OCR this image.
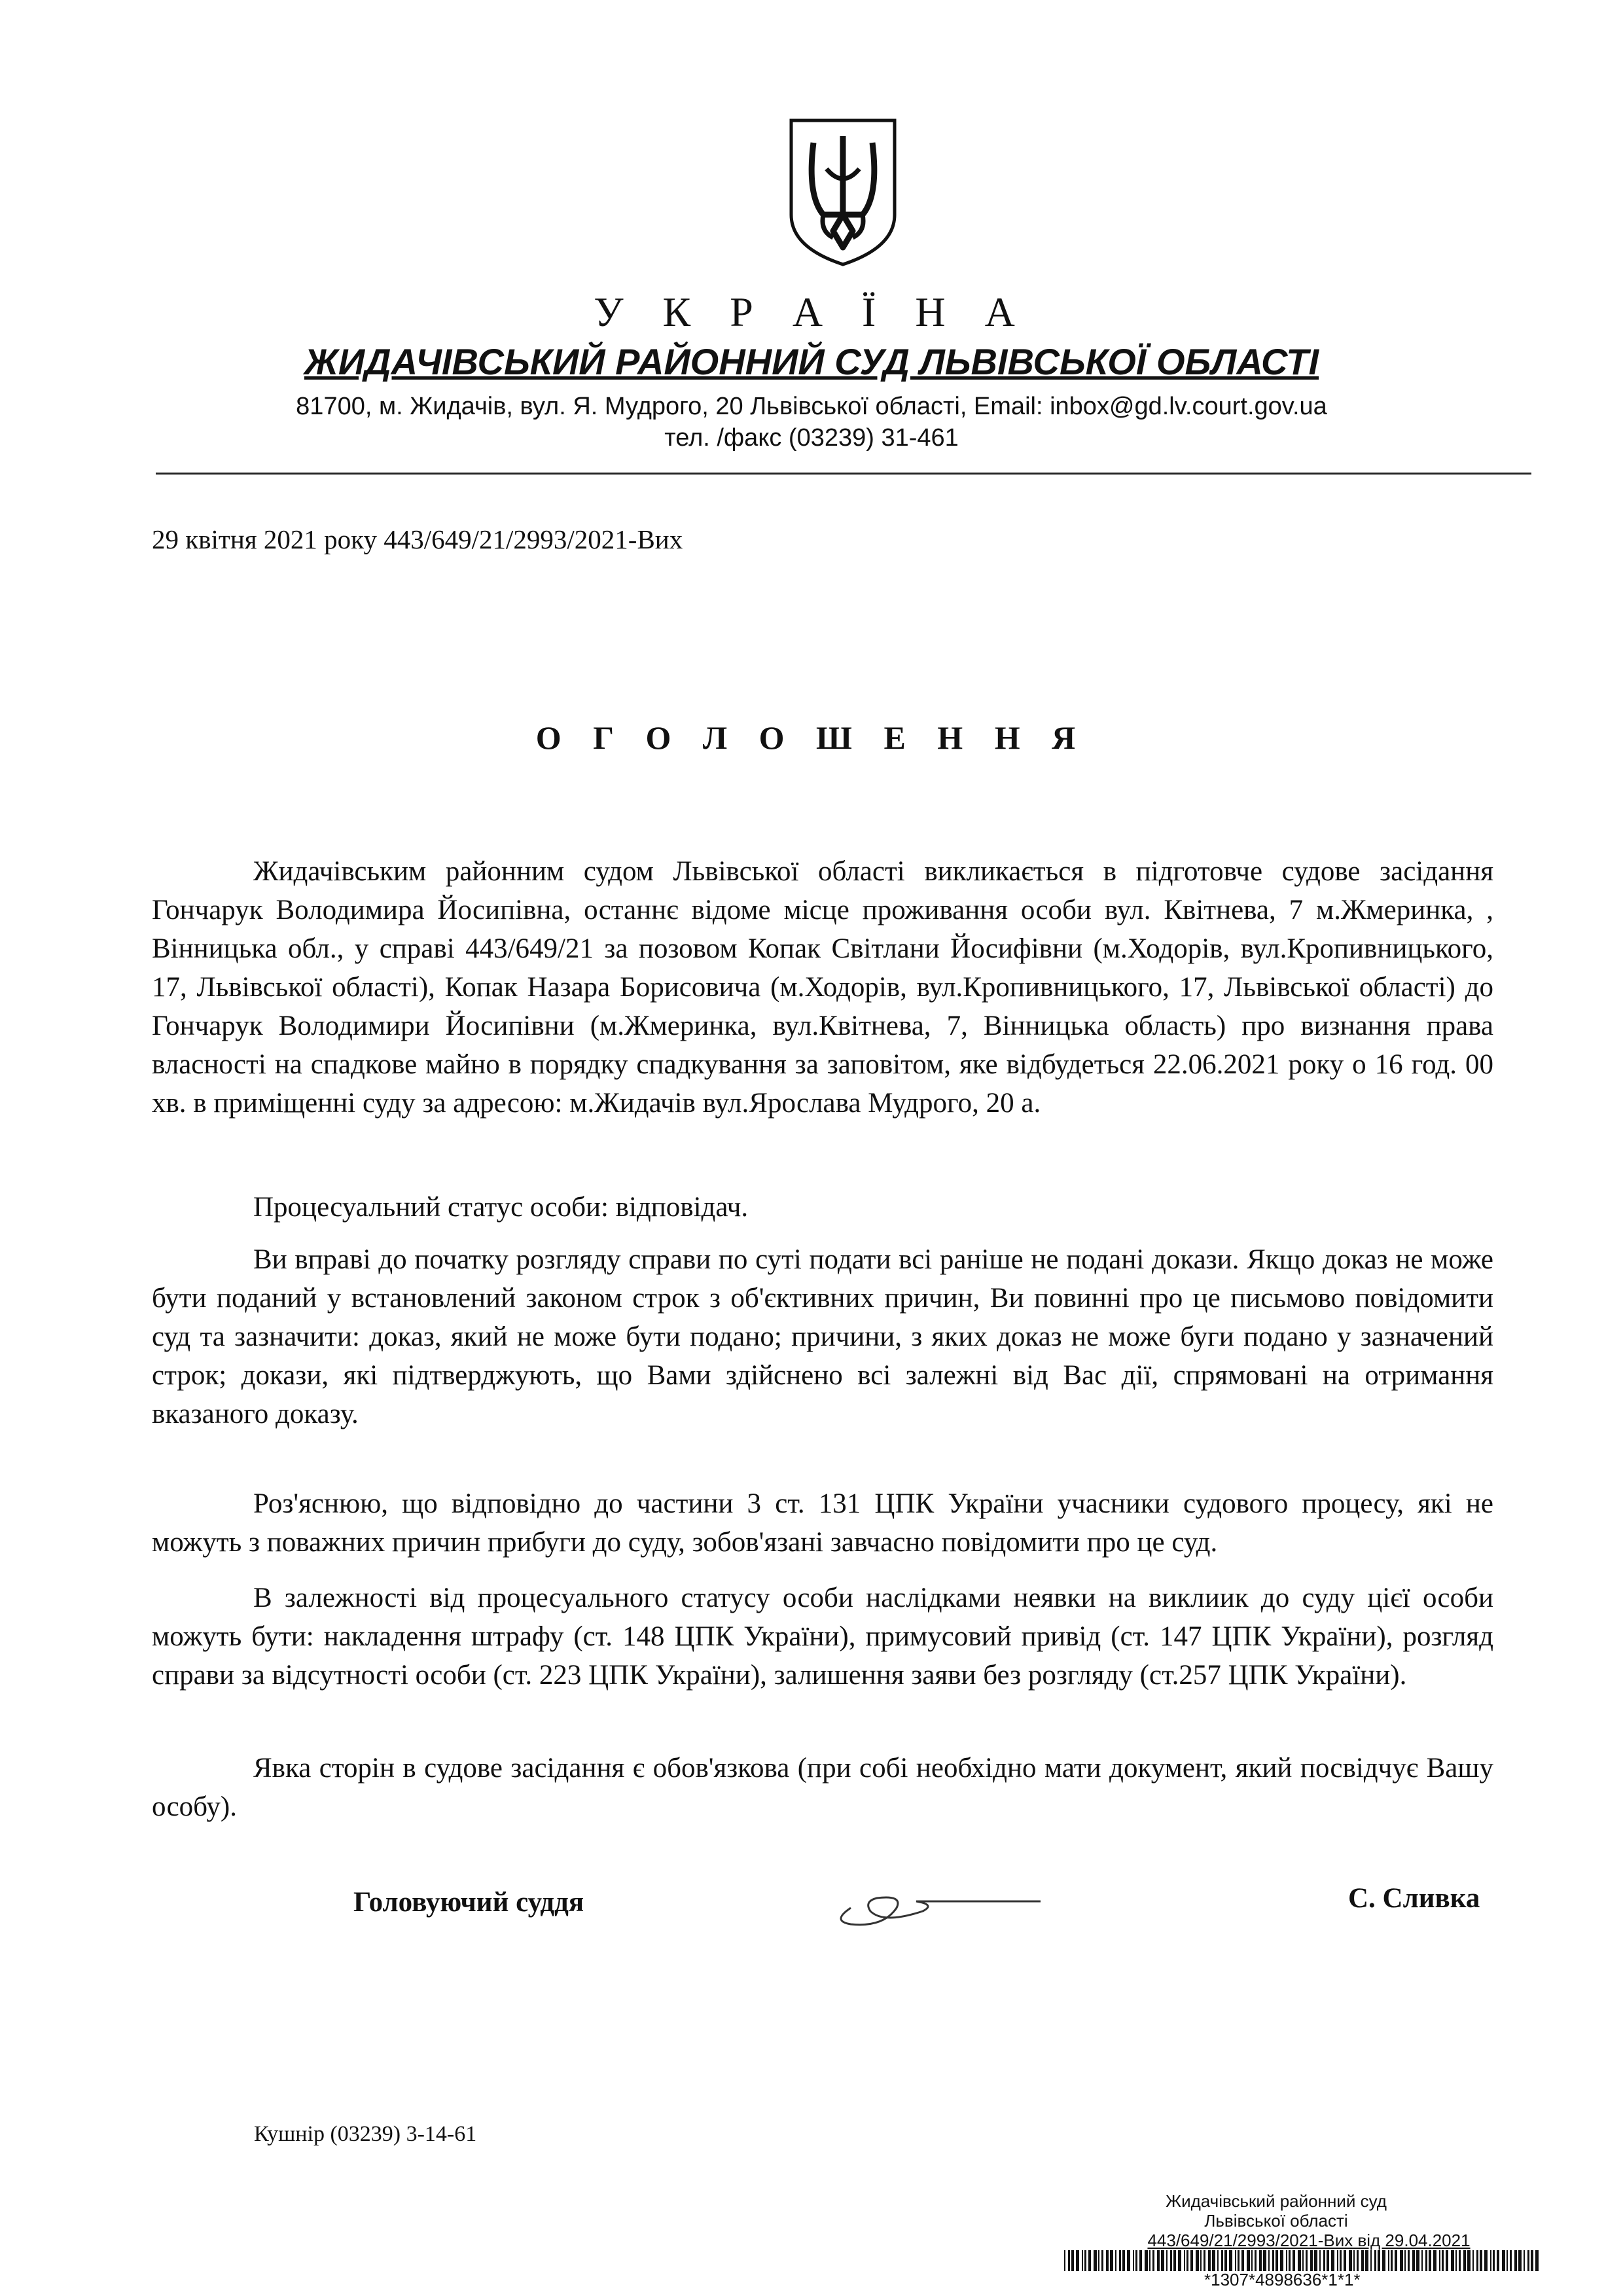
У К Р А Ї Н А
ЖИДАЧІВСЬКИЙ РАЙОННИЙ СУД ЛЬВІВСЬКОЇ ОБЛАСТІ
81700, м. Жидачів, вул. Я. Мудрого, 20 Львівської області, Email: inbox@gd.lv.court.gov.ua
тел. /факс (03239) 31-461
29 квітня 2021 року 443/649/21/2993/2021-Вих
О Г О Л О Ш Е Н Н Я

Жидачівським районним судом Львівської області викликається в підготовче судове засідання Гончарук Володимира Йосипівна, останнє відоме місце проживання особи вул. Квітнева, 7 м.Жмеринка, , Вінницька обл., у справі 443/649/21 за позовом Копак Світлани Йосифівни (м.Ходорів, вул.Кропивницького, 17, Львівської області), Копак Назара Борисовича (м.Ходорів, вул.Кропивницького, 17, Львівської області) до Гончарук Володимири Йосипівни (м.Жмеринка, вул.Квітнева, 7, Вінницька область) про визнання права власності на спадкове майно в порядку спадкування за заповітом, яке відбудеться 22.06.2021 року о 16 год. 00 хв. в приміщенні суду за адресою: м.Жидачів вул.Ярослава Мудрого, 20 а.

Процесуальний статус особи: відповідач.

Ви вправі до початку розгляду справи по суті подати всі раніше не подані докази. Якщо доказ не може бути поданий у встановлений законом строк з об'єктивних причин, Ви повинні про це письмово повідомити суд та зазначити: доказ, який не може бути подано; причини, з яких доказ не може буги подано у зазначений строк; докази, які підтверджують, що Вами здійснено всі залежні від Вас дії, спрямовані на отримання вказаного доказу.

Роз'яснюю, що відповідно до частини 3 ст. 131 ЦПК України учасники судового процесу, які не можуть з поважних причин прибуги до суду, зобов'язані завчасно повідомити про це суд.

В залежності від процесуального статусу особи наслідками неявки на виклиик до суду цієї особи можуть бути: накладення штрафу (ст. 148 ЦПК України), примусовий привід (ст. 147 ЦПК України), розгляд справи за відсутності особи (ст. 223 ЦПК України), залишення заяви без розгляду (ст.257 ЦПК України).

Явка сторін в судове засідання є обов'язкова (при собі необхідно мати документ, який посвідчує Вашу особу).

Головуючий суддя	С. Сливка
Кушнір (03239) 3-14-61
Жидачівський районний суд
Львівської області
443/649/21/2993/2021-Вих від 29.04.2021
*1307*4898636*1*1*
